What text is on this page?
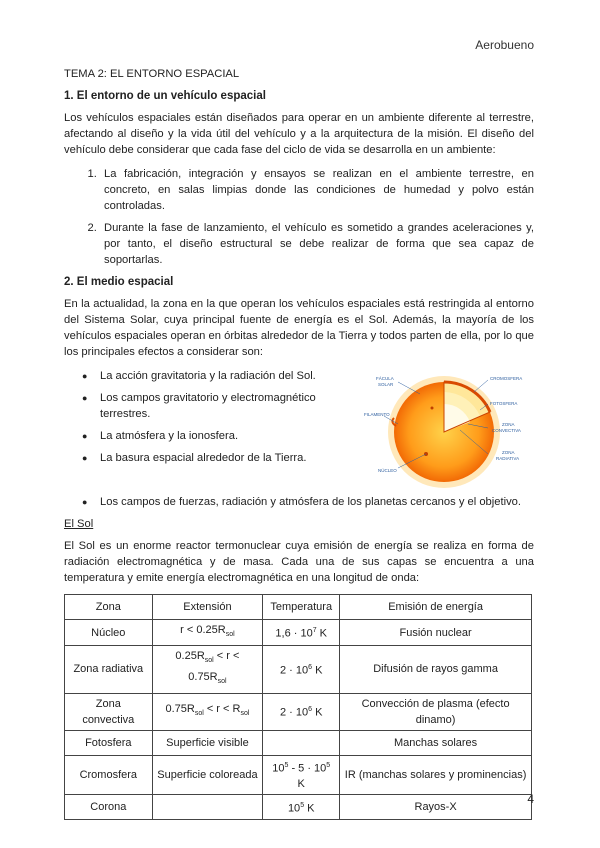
Aerobueno

TEMA 2: EL ENTORNO ESPACIAL

1. El entorno de un vehículo espacial

Los vehículos espaciales están diseñados para operar en un ambiente diferente al terrestre, afectando al diseño y la vida útil del vehículo y a la arquitectura de la misión. El diseño del vehículo debe considerar que cada fase del ciclo de vida se desarrolla en un ambiente:

1. La fabricación, integración y ensayos se realizan en el ambiente terrestre, en concreto, en salas limpias donde las condiciones de humedad y polvo están controladas.
2. Durante la fase de lanzamiento, el vehículo es sometido a grandes aceleraciones y, por tanto, el diseño estructural se debe realizar de forma que sea capaz de soportarlas.
2. El medio espacial

En la actualidad, la zona en la que operan los vehículos espaciales está restringida al entorno del Sistema Solar, cuya principal fuente de energía es el Sol. Además, la mayoría de los vehículos espaciales operan en órbitas alrededor de la Tierra y todos parten de ella, por lo que los principales efectos a considerar son:

● La acción gravitatoria y la radiación del Sol.
● Los campos gravitatorio y electromagnético terrestres.
● La atmósfera y la ionosfera.
● La basura espacial alrededor de la Tierra.
FÁCULA
SOLAR
FILAMENTO
NÚCLEO
CROMOSFERA
FOTOSFERA
ZONA
CONVECTIVA
ZONA
RADIATIVA

● Los campos de fuerzas, radiación y atmósfera de los planetas cercanos y el objetivo.

El Sol

El Sol es un enorme reactor termonuclear cuya emisión de energía se realiza en forma de radiación electromagnética y de masa. Cada una de sus capas se encuentra a una temperatura y emite energía electromagnética en una longitud de onda:

Zona	Extensión	Temperatura	Emisión de energía
Núcleo	$r < 0.25R_{sol}$	$1,6 \cdot 10^7$ K	Fusión nuclear
Zona radiativa	$0.25R_{sol} < r < 0.75R_{sol}$	$2 \cdot 10^6$ K	Difusión de rayos gamma
Zona convectiva	$0.75R_{sol} < r < R_{sol}$	$2 \cdot 10^6$ K	Convección de plasma (efecto dinamo)
Fotosfera	Superficie visible		Manchas solares
Cromosfera	Superficie coloreada	$10^5 - 5 \cdot 10^5$ K	IR (manchas solares y prominencias)
Corona		$10^5$ K	Rayos-X
4
